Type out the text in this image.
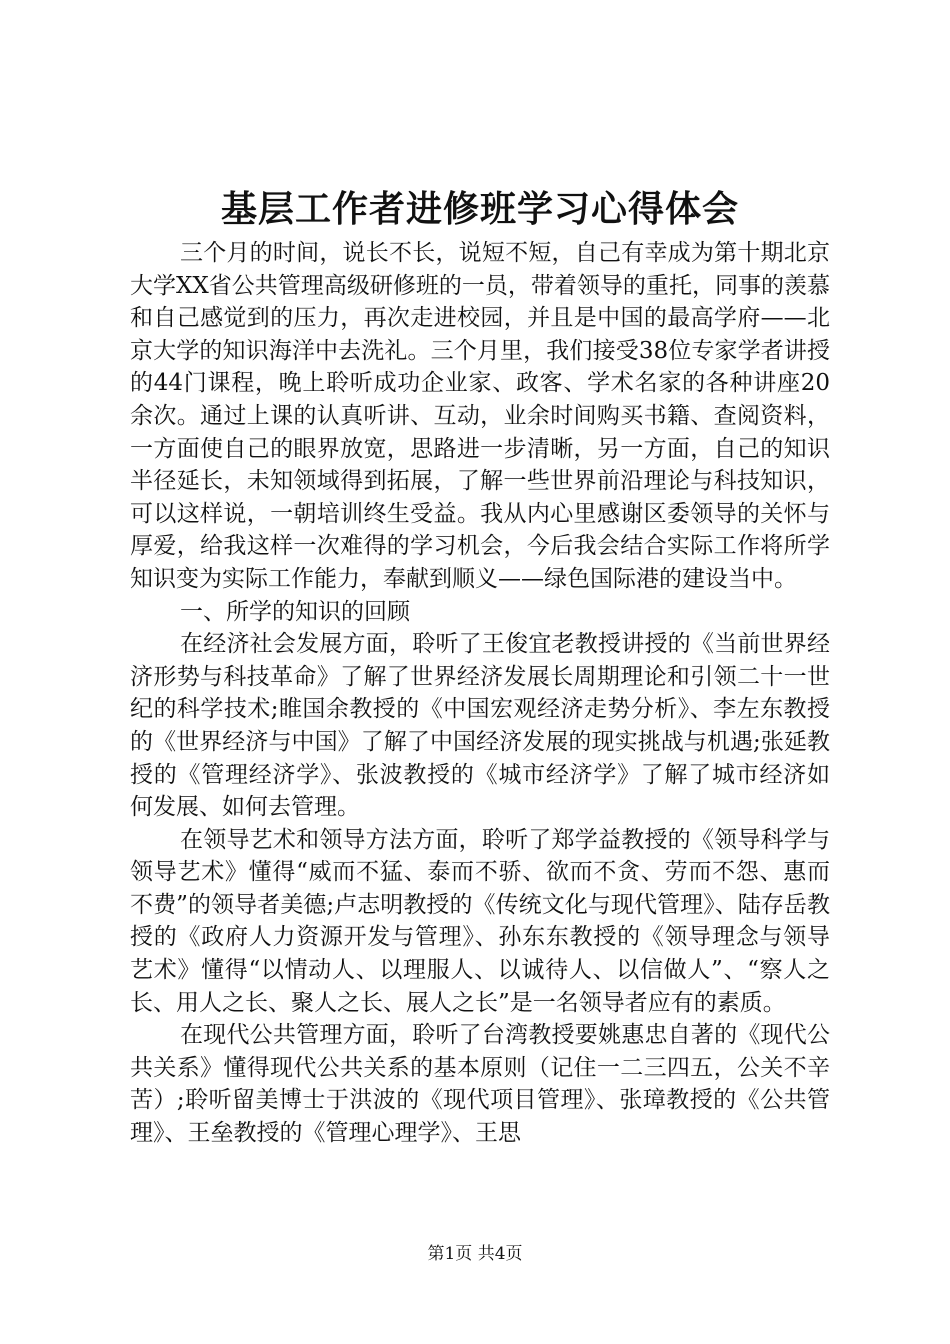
基层工作者进修班学习心得体会

三个月的时间，说长不长，说短不短，自己有幸成为第十期北京大学XX省公共管理高级研修班的一员，带着领导的重托，同事的羡慕和自己感觉到的压力，再次走进校园，并且是中国的最高学府——北京大学的知识海洋中去洗礼。三个月里，我们接受38位专家学者讲授的44门课程，晚上聆听成功企业家、政客、学术名家的各种讲座20余次。通过上课的认真听讲、互动，业余时间购买书籍、查阅资料，一方面使自己的眼界放宽，思路进一步清晰，另一方面，自己的知识半径延长，未知领域得到拓展，了解一些世界前沿理论与科技知识，可以这样说，一朝培训终生受益。我从内心里感谢区委领导的关怀与厚爱，给我这样一次难得的学习机会，今后我会结合实际工作将所学知识变为实际工作能力，奉献到顺义——绿色国际港的建设当中。

一、所学的知识的回顾

在经济社会发展方面，聆听了王俊宜老教授讲授的《当前世界经济形势与科技革命》了解了世界经济发展长周期理论和引领二十一世纪的科学技术;睢国余教授的《中国宏观经济走势分析》、李左东教授的《世界经济与中国》了解了中国经济发展的现实挑战与机遇;张延教授的《管理经济学》、张波教授的《城市经济学》了解了城市经济如何发展、如何去管理。

在领导艺术和领导方法方面，聆听了郑学益教授的《领导科学与领导艺术》懂得“威而不猛、泰而不骄、欲而不贪、劳而不怨、惠而不费”的领导者美德;卢志明教授的《传统文化与现代管理》、陆存岳教授的《政府人力资源开发与管理》、孙东东教授的《领导理念与领导艺术》懂得“以情动人、以理服人、以诚待人、以信做人”、“察人之长、用人之长、聚人之长、展人之长”是一名领导者应有的素质。

在现代公共管理方面，聆听了台湾教授要姚惠忠自著的《现代公共关系》懂得现代公共关系的基本原则（记住一二三四五，公关不辛苦）;聆听留美博士于洪波的《现代项目管理》、张璋教授的《公共管理》、王垒教授的《管理心理学》、王思

第1页 共4页
